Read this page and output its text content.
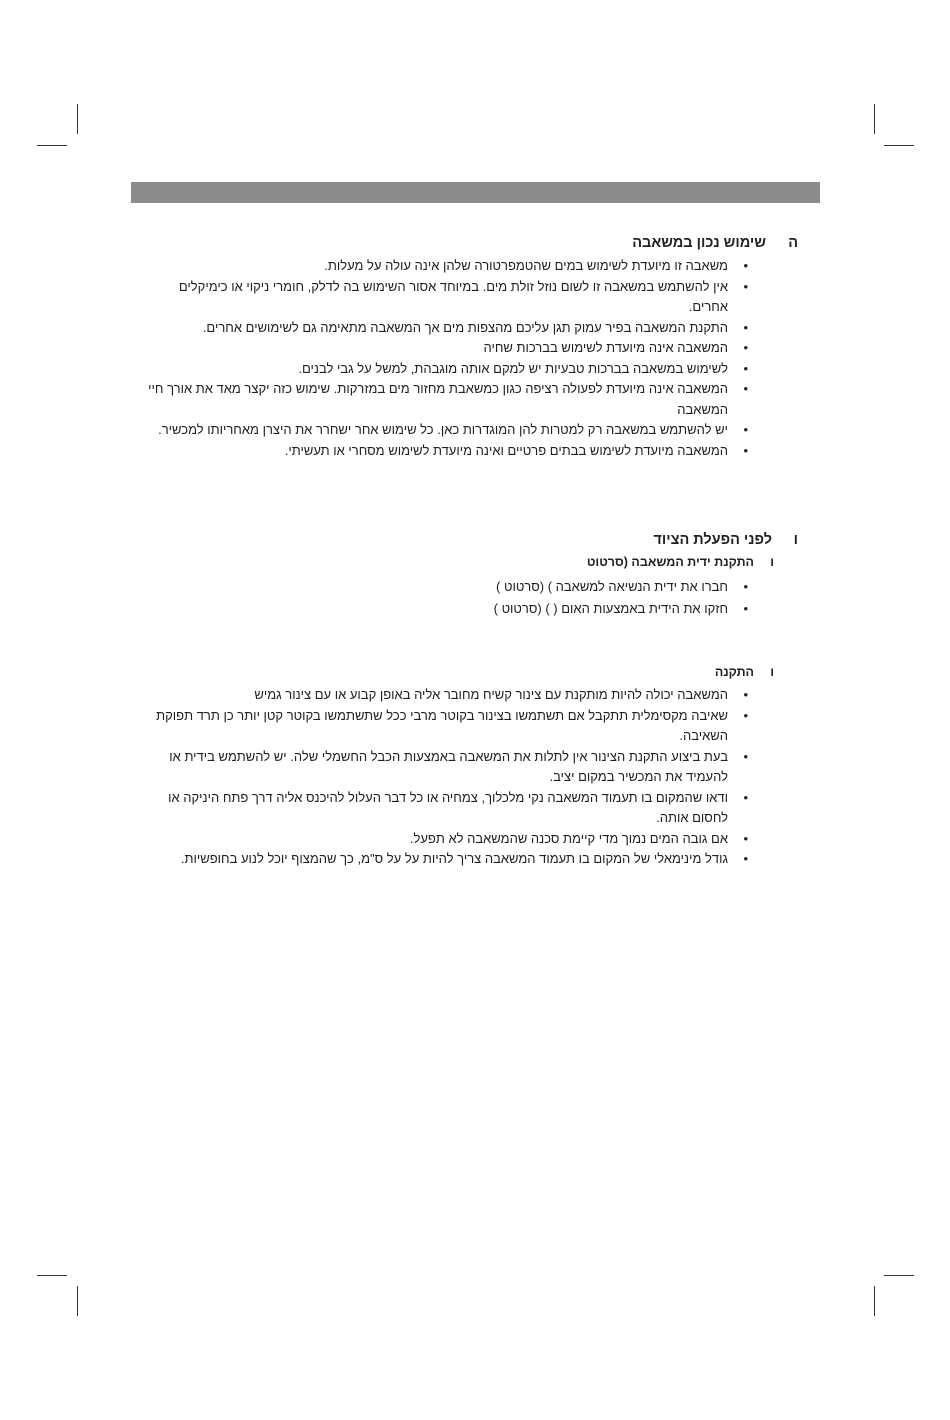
ה
שימוש נכון במשאבה
•
משאבה זו מיועדת לשימוש במים שהטמפרטורה שלהן אינה עולה על מעלות.
•
אין להשתמש במשאבה זו לשום נוזל זולת מים. במיוחד אסור השימוש בה לדלק, חומרי ניקוי או כימיקלים אחרים.
•
התקנת המשאבה בפיר עמוק תגן עליכם מהצפות מים אך המשאבה מתאימה גם לשימושים אחרים.
•
המשאבה אינה מיועדת לשימוש בברכות שחיה
•
לשימוש במשאבה בברכות טבעיות יש למקם אותה מוגבהת, למשל על גבי לבנים.
•
המשאבה אינה מיועדת לפעולה רציפה כגון כמשאבת מחזור מים במזרקות. שימוש כזה יקצר מאד את אורך חיי המשאבה
•
יש להשתמש במשאבה רק למטרות להן המוגדרות כאן. כל שימוש אחר ישחרר את היצרן מאחריותו למכשיר.
•
המשאבה מיועדת לשימוש בבתים פרטיים ואינה מיועדת לשימוש מסחרי או תעשיתי.
ו
לפני הפעלת הציוד
ו
התקנת ידית המשאבה (סרטוט
•
חברו את ידית הנשיאה למשאבה ) (סרטוט )
•
חזקו את הידית באמצעות האום ( ) (סרטוט )
ו
התקנה
•
המשאבה יכולה להיות מותקנת עם צינור קשיח מחובר אליה באופן קבוע או עם צינור גמיש
•
שאיבה מקסימלית תתקבל אם תשתמשו בצינור בקוטר מרבי ככל שתשתמשו בקוטר קטן יותר כן תרד תפוקת השאיבה.
•
בעת ביצוע התקנת הצינור אין לתלות את המשאבה באמצעות הכבל החשמלי שלה. יש להשתמש בידית או להעמיד את המכשיר במקום יציב.
•
ודאו שהמקום בו תעמוד המשאבה נקי מלכלוך, צמחיה או כל דבר העלול להיכנס אליה דרך פתח היניקה או לחסום אותה.
•
אם גובה המים נמוך מדי קיימת סכנה שהמשאבה לא תפעל.
•
גודל מינימאלי של המקום בו תעמוד המשאבה צריך להיות על על ס"מ, כך שהמצוף יוכל לנוע בחופשיות.
